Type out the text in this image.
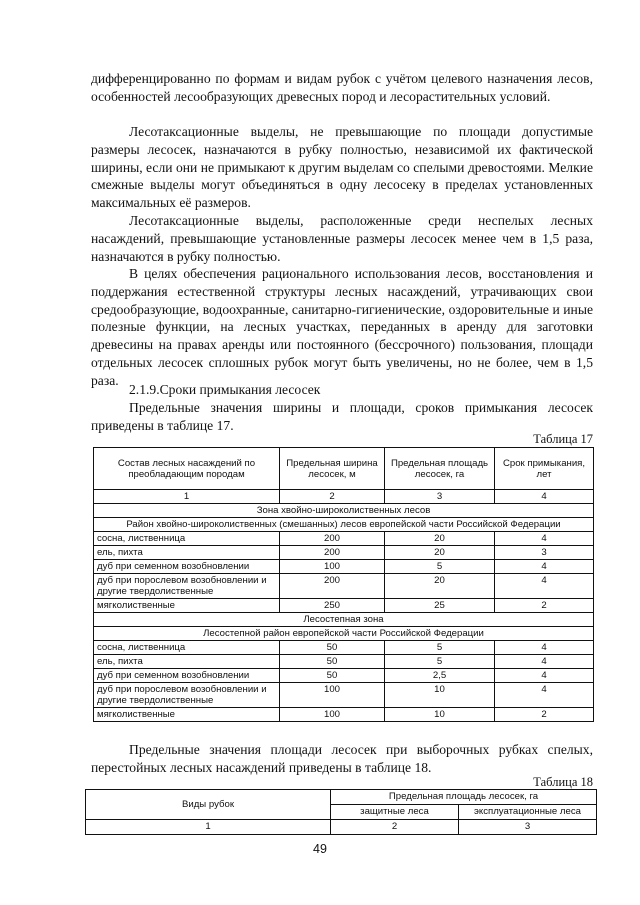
дифференцированно по формам и видам рубок с учётом целевого назначения лесов, особенностей лесообразующих древесных пород и лесорастительных условий.

Лесотаксационные выделы, не превышающие по площади допустимые размеры лесосек, назначаются в рубку полностью, независимой их фактической ширины, если они не примыкают к другим выделам со спелыми древостоями. Мелкие смежные выделы могут объединяться в одну лесосеку в пределах установленных максимальных её размеров.

Лесотаксационные выделы, расположенные среди неспелых лесных насаждений, превышающие установленные размеры лесосек менее чем в 1,5 раза, назначаются в рубку полностью.

В целях обеспечения рационального использования лесов, восстановления и поддержания естественной структуры лесных насаждений, утрачивающих свои средообразующие, водоохранные, санитарно-гигиенические, оздоровительные и иные полезные функции, на лесных участках, переданных в аренду для заготовки древесины на правах аренды или постоянного (бессрочного) пользования, площади отдельных лесосек сплошных рубок могут быть увеличены, но не более, чем в 1,5 раза.

2.1.9.Сроки примыкания лесосек

Предельные значения ширины и площади, сроков примыкания лесосек приведены в таблице 17.

Таблица 17
Состав лесных насаждений по преобладающим породам	Предельная ширина лесосек, м	Предельная площадь лесосек, га	Срок примыкания, лет
1	2	3	4
Зона хвойно-широколиственных лесов			
Район хвойно-широколиственных (смешанных) лесов европейской части Российской Федерации			
сосна, лиственница	200	20	4
ель, пихта	200	20	3
дуб при семенном возобновлении	100	5	4
дуб при порослевом возобновлении и другие твердолиственные	200	20	4
мягколиственные	250	25	2
Лесостепная зона			
Лесостепной район европейской части Российской Федерации			
сосна, лиственница	50	5	4
ель, пихта	50	5	4
дуб при семенном возобновлении	50	2,5	4
дуб при порослевом возобновлении и другие твердолиственные	100	10	4
мягколиственные	100	10	2

Предельные значения площади лесосек при выборочных рубках спелых, перестойных лесных насаждений приведены в таблице 18.

Таблица 18
Виды рубок	Предельная площадь лесосек, га	
	защитные леса	эксплуатационные леса
1	2	3
49
